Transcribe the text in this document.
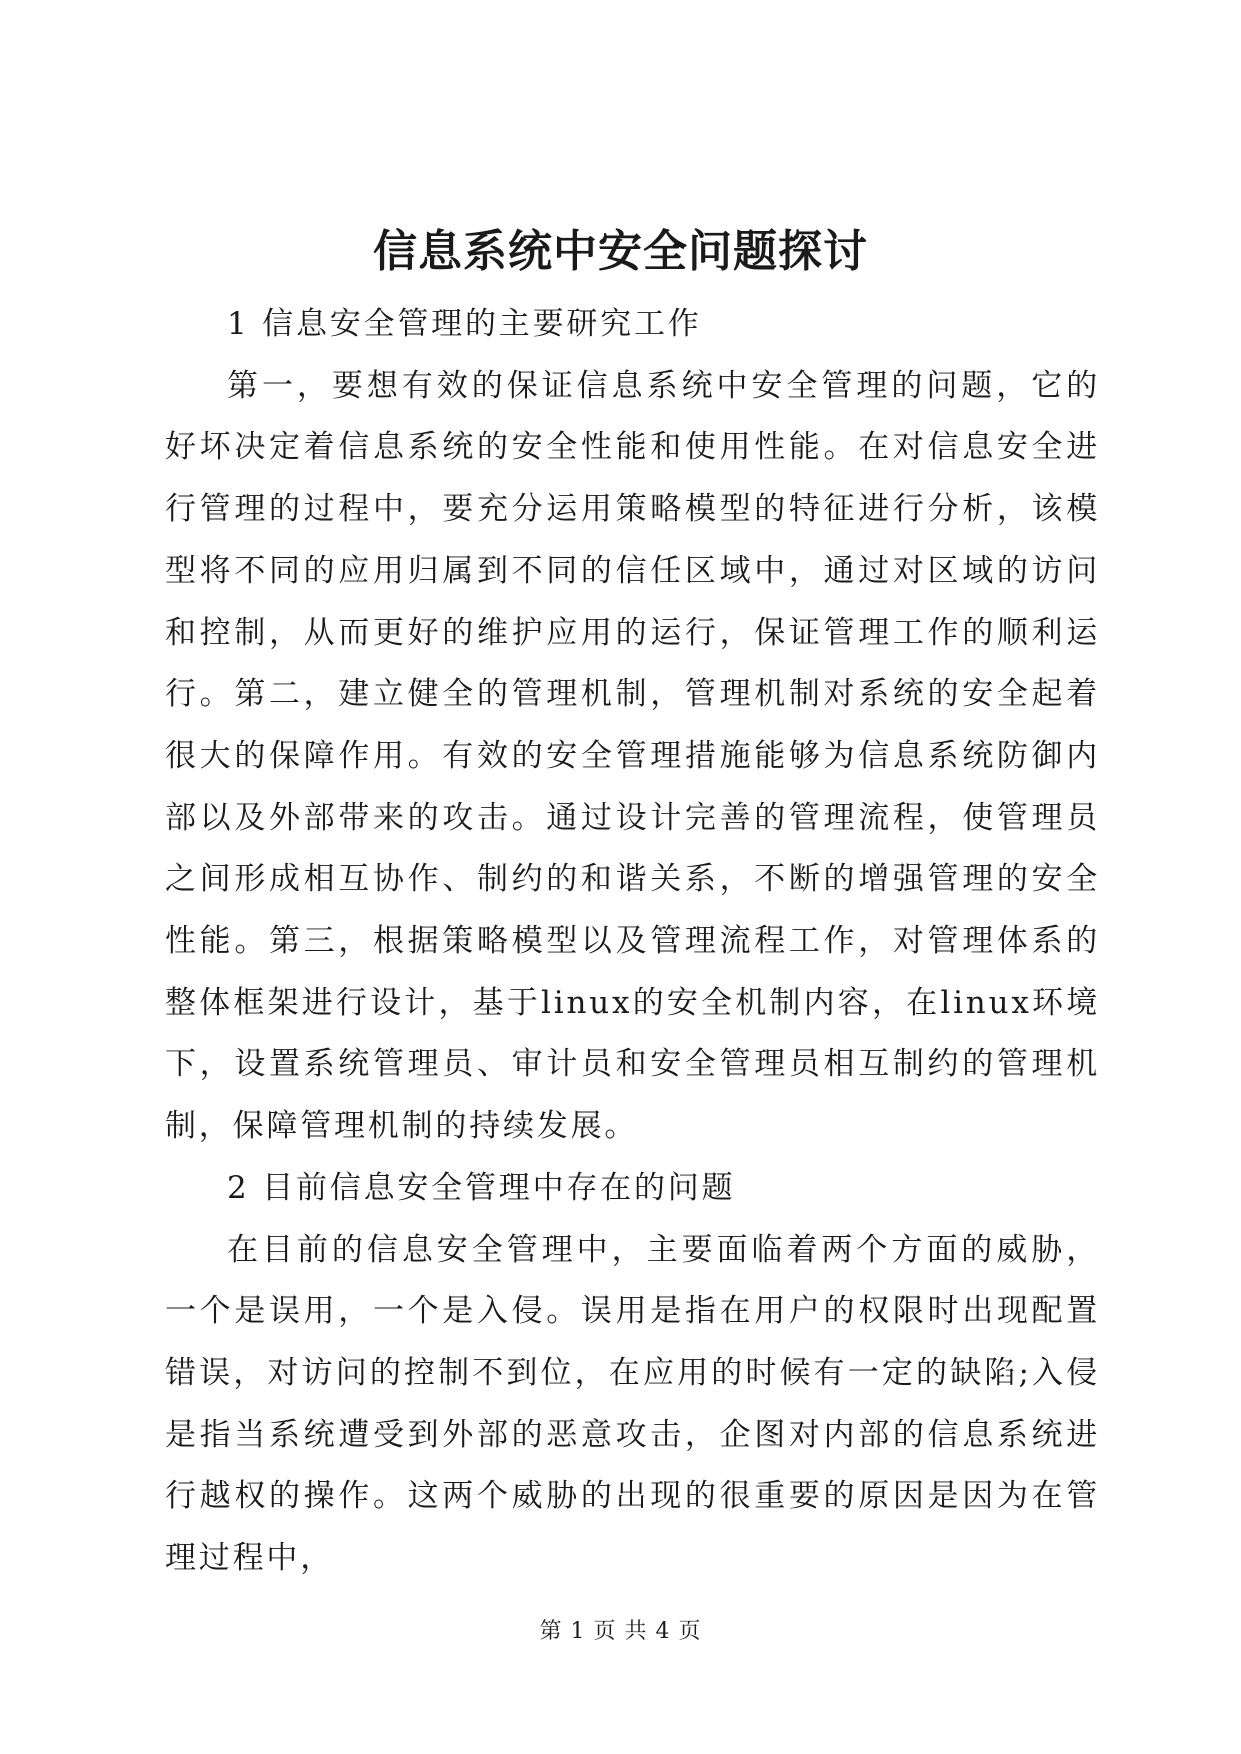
信息系统中安全问题探讨

1 信息安全管理的主要研究工作

第一，要想有效的保证信息系统中安全管理的问题，它的好坏决定着信息系统的安全性能和使用性能。在对信息安全进行管理的过程中，要充分运用策略模型的特征进行分析，该模型将不同的应用归属到不同的信任区域中，通过对区域的访问和控制，从而更好的维护应用的运行，保证管理工作的顺利运行。第二，建立健全的管理机制，管理机制对系统的安全起着很大的保障作用。有效的安全管理措施能够为信息系统防御内部以及外部带来的攻击。通过设计完善的管理流程，使管理员之间形成相互协作、制约的和谐关系，不断的增强管理的安全性能。第三，根据策略模型以及管理流程工作，对管理体系的整体框架进行设计，基于linux的安全机制内容，在linux环境下，设置系统管理员、审计员和安全管理员相互制约的管理机制，保障管理机制的持续发展。

2 目前信息安全管理中存在的问题

在目前的信息安全管理中，主要面临着两个方面的威胁，一个是误用，一个是入侵。误用是指在用户的权限时出现配置错误，对访问的控制不到位，在应用的时候有一定的缺陷;入侵是指当系统遭受到外部的恶意攻击，企图对内部的信息系统进行越权的操作。这两个威胁的出现的很重要的原因是因为在管理过程中，

第 1 页 共 4 页
